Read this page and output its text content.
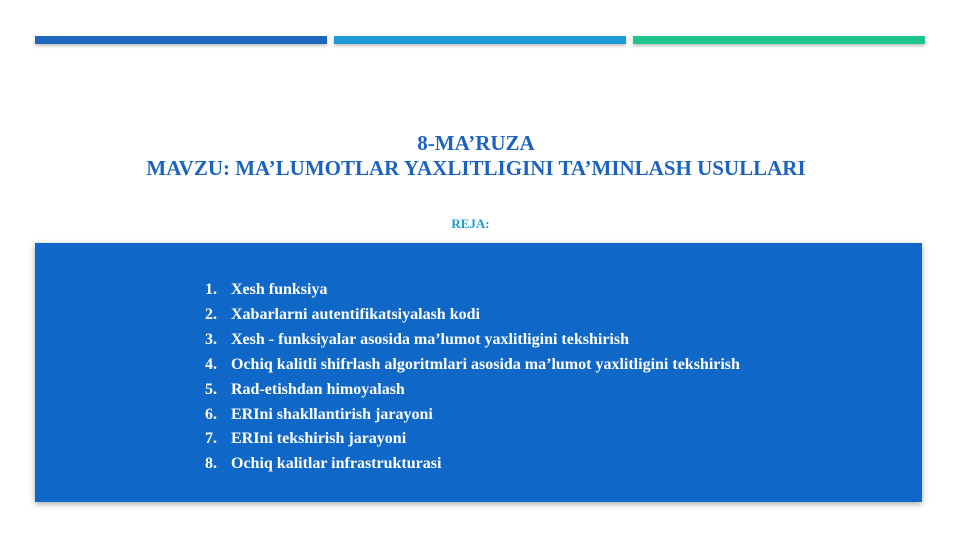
8-MA’RUZA
MAVZU: MA’LUMOTLAR YAXLITLIGINI TA’MINLASH USULLARI
REJA:
1. Xesh funksiya
2. Xabarlarni autentifikatsiyalash kodi
3. Xesh - funksiyalar asosida ma’lumot yaxlitligini tekshirish
4. Ochiq kalitli shifrlash algoritmlari asosida ma’lumot yaxlitligini tekshirish
5. Rad-etishdan himoyalash
6. ERIni shakllantirish jarayoni
7. ERIni tekshirish jarayoni
8. Ochiq kalitlar infrastrukturasi
